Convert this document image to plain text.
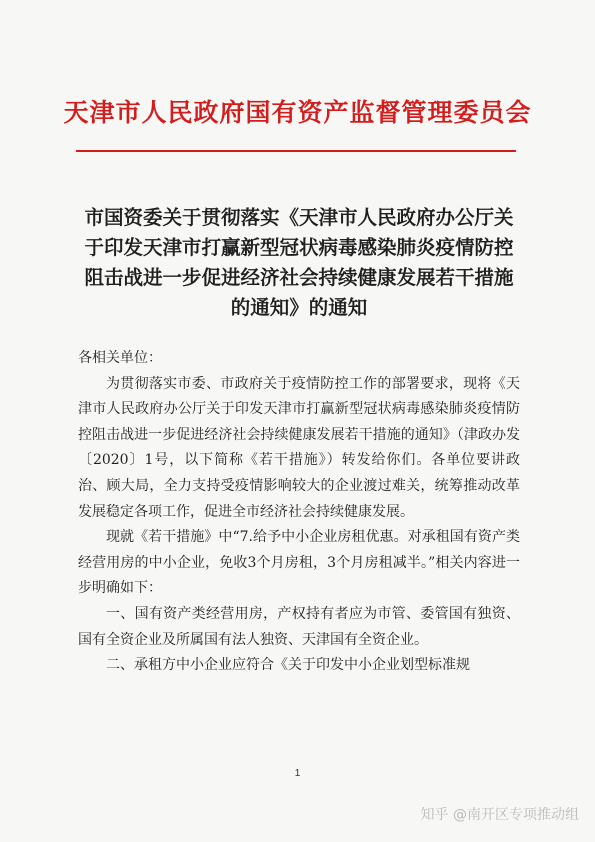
天津市人民政府国有资产监督管理委员会
市国资委关于贯彻落实《天津市人民政府办公厅关于印发天津市打赢新型冠状病毒感染肺炎疫情防控阻击战进一步促进经济社会持续健康发展若干措施的通知》的通知

各相关单位：

为贯彻落实市委、市政府关于疫情防控工作的部署要求，现将《天津市人民政府办公厅关于印发天津市打赢新型冠状病毒感染肺炎疫情防控阻击战进一步促进经济社会持续健康发展若干措施的通知》（津政办发〔2020〕1号，以下简称《若干措施》）转发给你们。各单位要讲政治、顾大局，全力支持受疫情影响较大的企业渡过难关，统筹推动改革发展稳定各项工作，促进全市经济社会持续健康发展。

现就《若干措施》中“7.给予中小企业房租优惠。对承租国有资产类经营用房的中小企业，免收3个月房租，3个月房租减半。”相关内容进一步明确如下：

一、国有资产类经营用房，产权持有者应为市管、委管国有独资、国有全资企业及所属国有法人独资、天津国有全资企业。

二、承租方中小企业应符合《关于印发中小企业划型标准规

1
知乎 @南开区专项推动组
